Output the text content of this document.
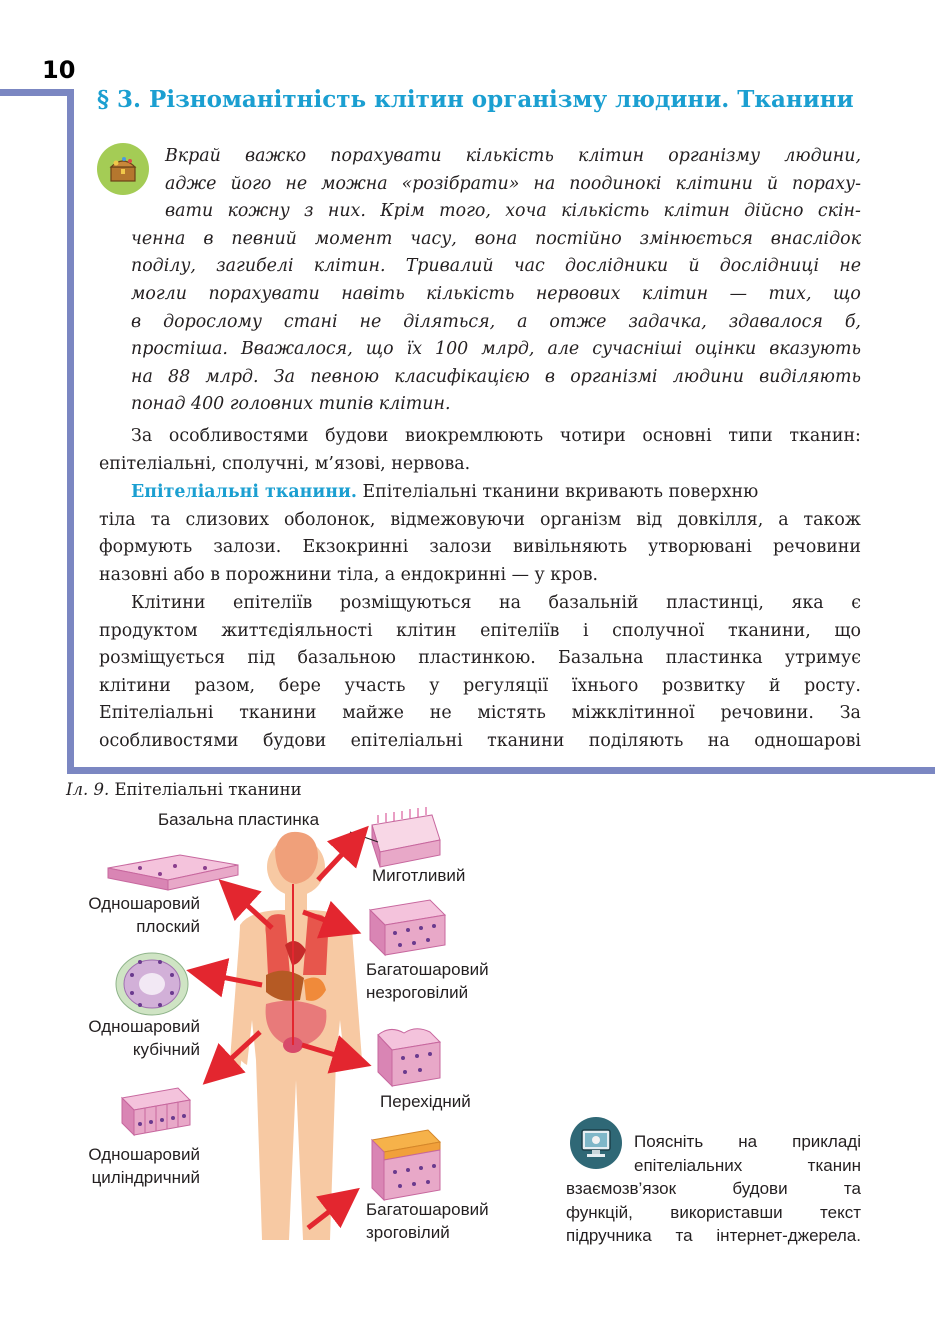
10
§ 3. Різноманітність клітин організму людини. Тканини
Вкрай важко порахувати кількість клітин організму людини,
адже його не можна «розібрати» на поодинокі клітини й пораху-
вати кожну з них. Крім того, хоча кількість клітин дійсно скін-
ченна в певний момент часу, вона постійно змінюється внаслідок
поділу, загибелі клітин. Тривалий час дослідники й дослідниці не
могли порахувати навіть кількість нервових клітин — тих, що
в дорослому стані не діляться, а отже задачка, здавалося б,
простіша. Вважалося, що їх 100 млрд, але сучасніші оцінки вказують
на 88 млрд. За певною класифікацією в організмі людини виділяють
понад 400 головних типів клітин.
За особливостями будови виокремлюють чотири основні типи тканин:
епітеліальні, сполучні, м’язові, нервова.
Епітеліальні тканини. Епітеліальні тканини вкривають поверхню
тіла та слизових оболонок, відмежовуючи організм від довкілля, а також
формують залози. Екзокринні залози вивільняють утворювані речовини
назовні або в порожнини тіла, а ендокринні — у кров.
Клітини епітеліїв розміщуються на базальній пластинці, яка є
продуктом життєдіяльності клітин епітеліїв і сполучної тканини, що
розміщується під базальною пластинкою. Базальна пластинка утримує
клітини разом, бере участь у регуляції їхнього розвитку й росту.
Епітеліальні тканини майже не містять міжклітинної речовини. За
особливостями будови епітеліальні тканини поділяють на одношарові
Іл. 9. Епітеліальні тканини
Базальна пластинка
Миготливий
Одношаровий
плоский
Багатошаровий
незроговілий
Одношаровий
кубічний
Перехідний
Одношаровий
циліндричний
Багатошаровий
зроговілий
Поясніть на прикладі
епітеліальних	тканин
взаємозв’язок	будови	та
функцій, використавши текст
підручника та інтернет-джерела.
